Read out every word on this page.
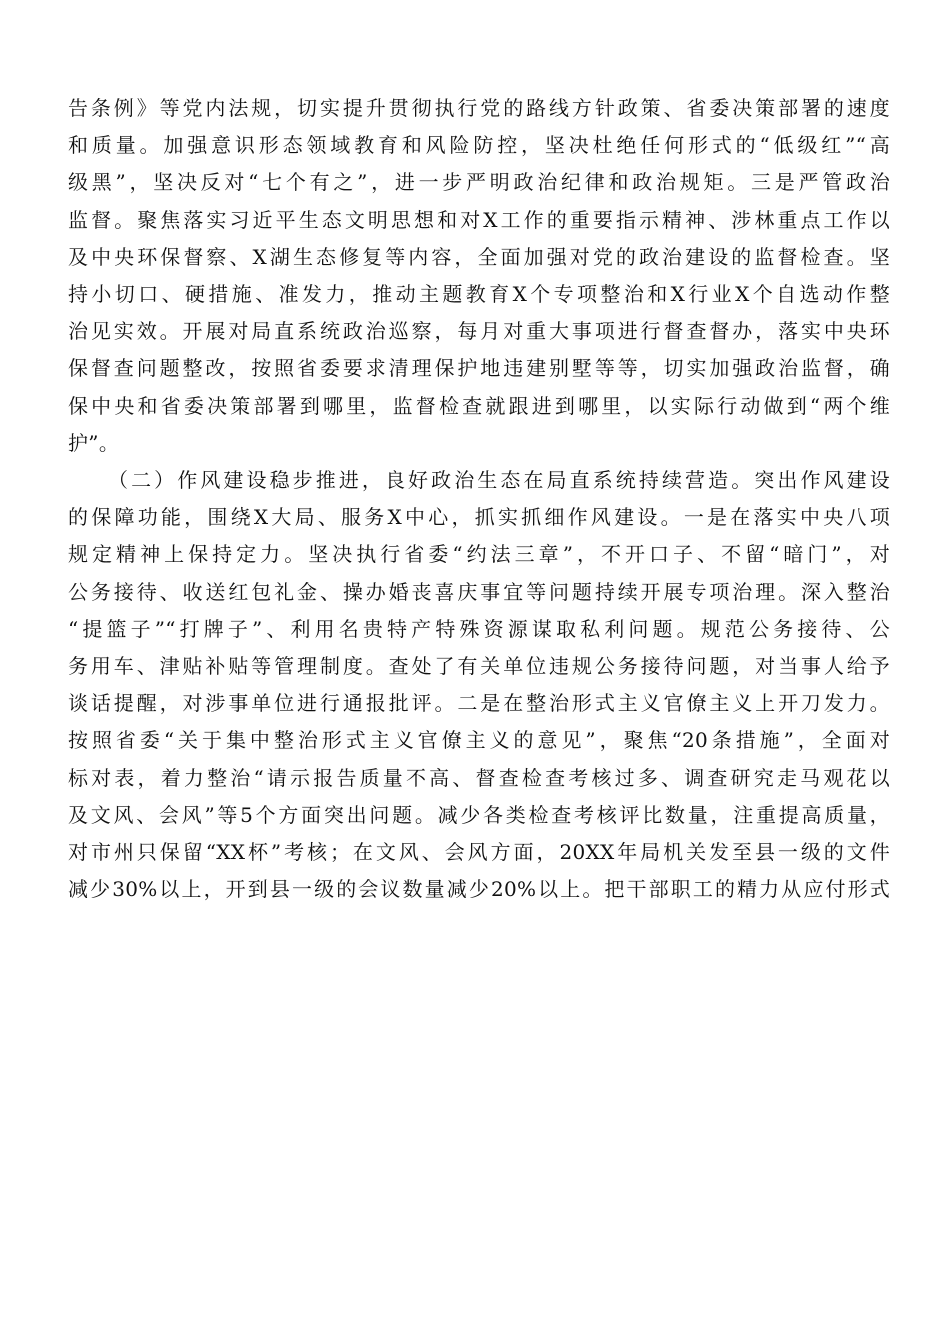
告条例》等党内法规，切实提升贯彻执行党的路线方针政策、省委决策部署的速度
和质量。加强意识形态领域教育和风险防控，坚决杜绝任何形式的“低级红”“高
级黑”，坚决反对“七个有之”，进一步严明政治纪律和政治规矩。三是严管政治
监督。聚焦落实习近平生态文明思想和对X工作的重要指示精神、涉林重点工作以
及中央环保督察、X湖生态修复等内容，全面加强对党的政治建设的监督检查。坚
持小切口、硬措施、准发力，推动主题教育X个专项整治和X行业X个自选动作整
治见实效。开展对局直系统政治巡察，每月对重大事项进行督查督办，落实中央环
保督查问题整改，按照省委要求清理保护地违建别墅等等，切实加强政治监督，确
保中央和省委决策部署到哪里，监督检查就跟进到哪里，以实际行动做到“两个维
护”。
（二）作风建设稳步推进，良好政治生态在局直系统持续营造。突出作风建设
的保障功能，围绕X大局、服务X中心，抓实抓细作风建设。一是在落实中央八项
规定精神上保持定力。坚决执行省委“约法三章”，不开口子、不留“暗门”，对
公务接待、收送红包礼金、操办婚丧喜庆事宜等问题持续开展专项治理。深入整治
“提篮子”“打牌子”、利用名贵特产特殊资源谋取私利问题。规范公务接待、公
务用车、津贴补贴等管理制度。查处了有关单位违规公务接待问题，对当事人给予
谈话提醒，对涉事单位进行通报批评。二是在整治形式主义官僚主义上开刀发力。
按照省委“关于集中整治形式主义官僚主义的意见”，聚焦“20条措施”，全面对
标对表，着力整治“请示报告质量不高、督查检查考核过多、调查研究走马观花以
及文风、会风”等5个方面突出问题。减少各类检查考核评比数量，注重提高质量，
对市州只保留“XX杯”考核；在文风、会风方面，20XX年局机关发至县一级的文件
减少30%以上，开到县一级的会议数量减少20%以上。把干部职工的精力从应付形式
